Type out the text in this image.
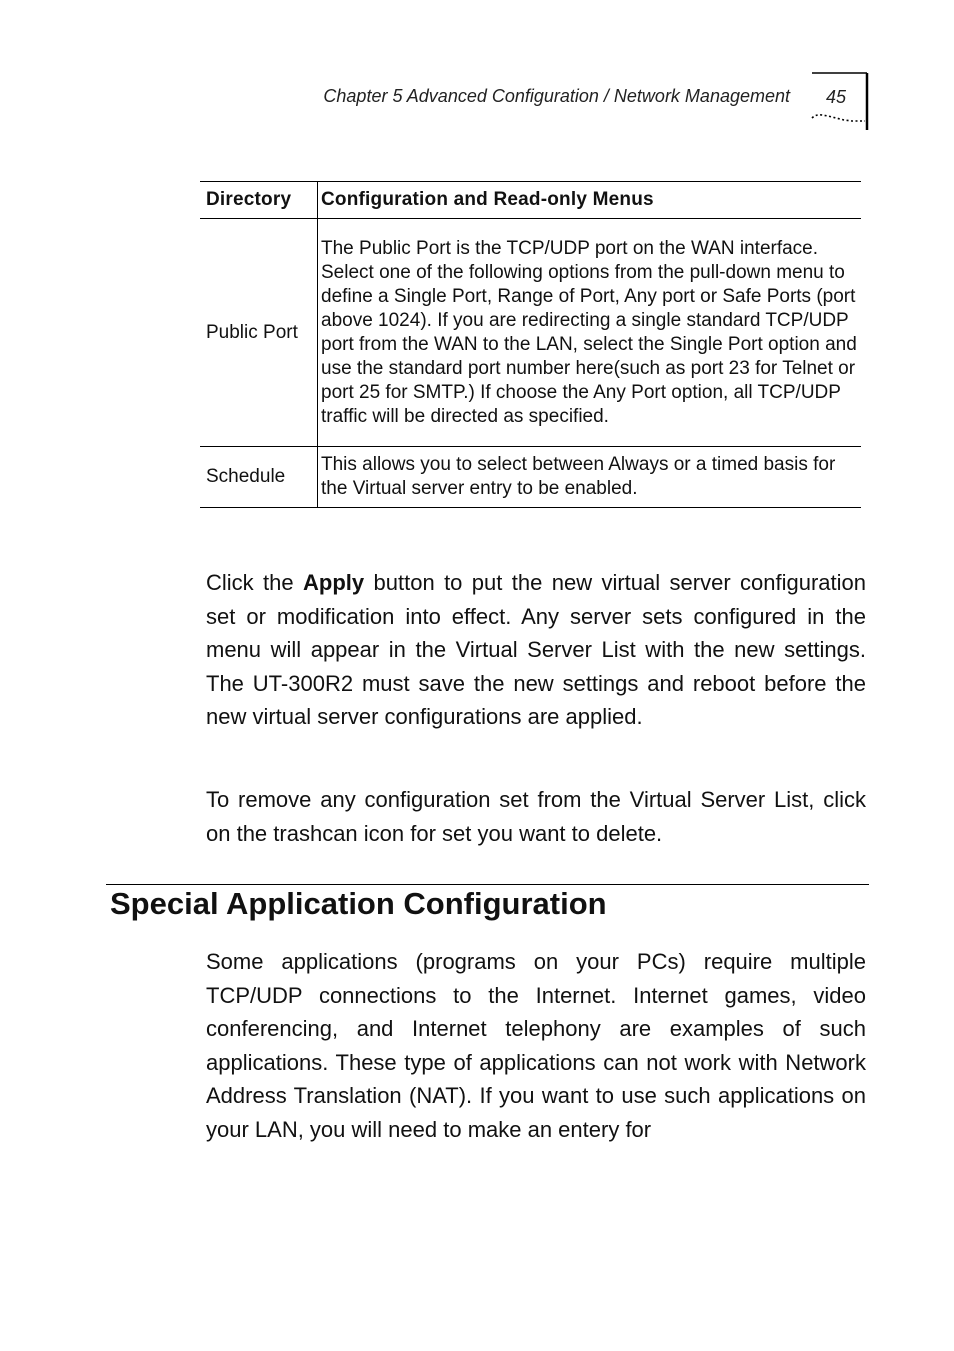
Chapter 5 Advanced Configuration / Network Management 45
Directory	Configuration and Read-only Menus
Public Port	The Public Port is the TCP/UDP port on the WAN interface. Select one of the following options from the pull-down menu to define a Single Port, Range of Port, Any port or Safe Ports (port above 1024). If you are redirecting a single standard TCP/UDP port from the WAN to the LAN, select the Single Port option and use the standard port number here(such as port 23 for Telnet or port 25 for SMTP.) If choose the Any Port option, all TCP/UDP traffic will be directed as specified.
Schedule	This allows you to select between Always or a timed basis for the Virtual server entry to be enabled.

Click the Apply button to put the new virtual server configuration set or modification into effect. Any server sets configured in the menu will appear in the Virtual Server List with the new settings. The UT-300R2 must save the new settings and reboot before the new virtual server configurations are applied.

To remove any configuration set from the Virtual Server List, click on the trashcan icon for set you want to delete.

Special Application Configuration

Some applications (programs on your PCs) require multiple TCP/UDP connections to the Internet. Internet games, video conferencing, and Internet telephony are examples of such applications. These type of applications can not work with Network Address Translation (NAT). If you want to use such applications on your LAN, you will need to make an entery for
